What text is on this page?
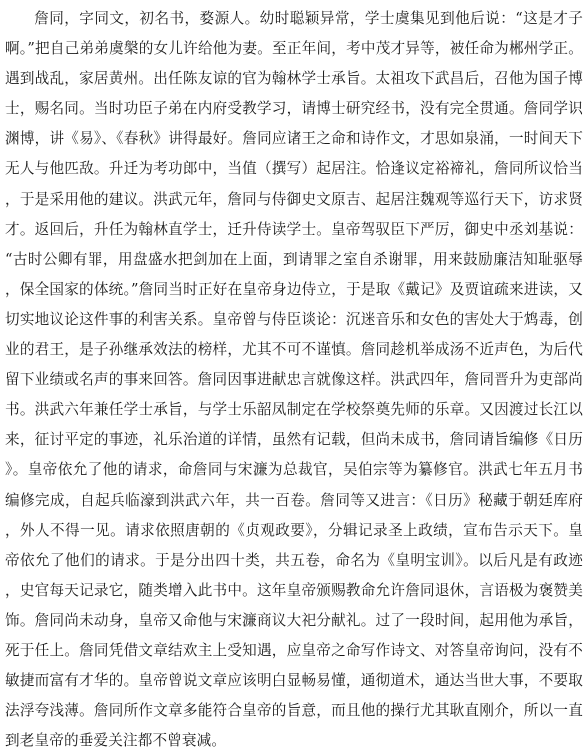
詹同，字同文，初名书，婺源人。幼时聪颖异常，学士虞集见到他后说：“这是才子啊。”把自己弟弟虞槃的女儿许给他为妻。至正年间，考中茂才异等，被任命为郴州学正。遇到战乱，家居黄州。出任陈友谅的官为翰林学士承旨。太祖攻下武昌后，召他为国子博士，赐名同。当时功臣子弟在内府受教学习，请博士研究经书，没有完全贯通。詹同学识渊博，讲《易》、《春秋》讲得最好。詹同应诸王之命和诗作文，才思如泉涌，一时间天下无人与他匹敌。升迁为考功郎中，当值（撰写）起居注。恰逢议定裕禘礼，詹同所议恰当，于是采用他的建议。洪武元年，詹同与侍御史文原吉、起居注魏观等巡行天下，访求贤才。返回后，升任为翰林直学士，迁升侍读学士。皇帝驾驭臣下严厉，御史中丞刘基说：“古时公卿有罪，用盘盛水把剑加在上面，到请罪之室自杀谢罪，用来鼓励廉洁知耻驱辱，保全国家的体统。”詹同当时正好在皇帝身边侍立，于是取《戴记》及贾谊疏来进读，又切实地议论这件事的利害关系。皇帝曾与侍臣谈论：沉迷音乐和女色的害处大于鸩毒，创业的君王，是子孙继承效法的榜样，尤其不可不谨慎。詹同趁机举成汤不近声色，为后代留下业绩或名声的事来回答。詹同因事进献忠言就像这样。洪武四年，詹同晋升为吏部尚书。洪武六年兼任学士承旨，与学士乐韶凤制定在学校祭奠先师的乐章。又因渡过长江以来，征讨平定的事迹，礼乐治道的详情，虽然有记载，但尚未成书，詹同请旨编修《日历》。皇帝依允了他的请求，命詹同与宋濂为总裁官，吴伯宗等为纂修官。洪武七年五月书编修完成，自起兵临濠到洪武六年，共一百卷。詹同等又进言：《日历》秘藏于朝廷库府，外人不得一见。请求依照唐朝的《贞观政要》，分辑记录圣上政绩，宣布告示天下。皇帝依允了他们的请求。于是分出四十类，共五卷，命名为《皇明宝训》。以后凡是有政迹，史官每天记录它，随类增入此书中。这年皇帝颁赐教命允许詹同退休，言语极为褒赞美饰。詹同尚未动身，皇帝又命他与宋濂商议大祀分献礼。过了一段时间，起用他为承旨，死于任上。詹同凭借文章结欢主上受知遇，应皇帝之命写作诗文、对答皇帝询问，没有不敏捷而富有才华的。皇帝曾说文章应该明白显畅易懂，通彻道术，通达当世大事，不要取法浮夸浅薄。詹同所作文章多能符合皇帝的旨意，而且他的操行尤其耿直刚介，所以一直到老皇帝的垂爱关注都不曾衰减。
